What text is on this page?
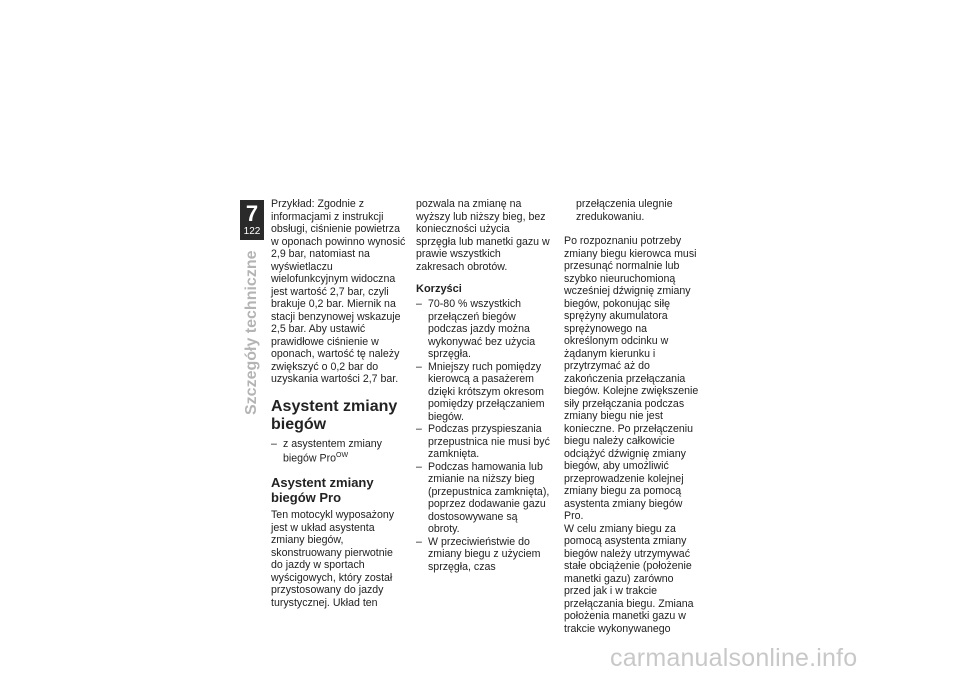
7
122
Szczegóły techniczne

Przykład: Zgodnie z informacjami z instrukcji obsługi, ciśnienie powietrza w oponach powinno wynosić 2,9 bar, natomiast na wyświetlaczu wielofunkcyjnym widoczna jest wartość 2,7 bar, czyli brakuje 0,2 bar. Miernik na stacji benzynowej wskazuje 2,5 bar. Aby ustawić prawidłowe ciśnienie w oponach, wartość tę należy zwiększyć o 0,2 bar do uzyskania wartości 2,7 bar.

Asystent zmiany biegów

– z asystentem zmiany biegów Pro$^{OW}$

Asystent zmiany biegów Pro

Ten motocykl wyposażony jest w układ asystenta zmiany biegów, skonstruowany pierwotnie do jazdy w sportach wyścigowych, który został przystosowany do jazdy turystycznej. Układ ten

pozwala na zmianę na wyższy lub niższy bieg, bez konieczności użycia sprzęgła lub manetki gazu w prawie wszystkich zakresach obrotów.

Korzyści

– 70-80 % wszystkich przełączeń biegów podczas jazdy można wykonywać bez użycia sprzęgła.

– Mniejszy ruch pomiędzy kierowcą a pasażerem dzięki krótszym okresom pomiędzy przełączaniem biegów.

– Podczas przyspieszania przepustnica nie musi być zamknięta.

– Podczas hamowania lub zmianie na niższy bieg (przepustnica zamknięta), poprzez dodawanie gazu dostosowywane są obroty.

– W przeciwieństwie do zmiany biegu z użyciem sprzęgła, czas

przełączenia ulegnie zredukowaniu.

Po rozpoznaniu potrzeby zmiany biegu kierowca musi przesunąć normalnie lub szybko nieuruchomioną wcześniej dźwignię zmiany biegów, pokonując siłę sprężyny akumulatora sprężynowego na określonym odcinku w żądanym kierunku i przytrzymać aż do zakończenia przełączania biegów. Kolejne zwiększenie siły przełączania podczas zmiany biegu nie jest konieczne. Po przełączeniu biegu należy całkowicie odciążyć dźwignię zmiany biegów, aby umożliwić przeprowadzenie kolejnej zmiany biegu za pomocą asystenta zmiany biegów Pro.

W celu zmiany biegu za pomocą asystenta zmiany biegów należy utrzymywać stałe obciążenie (położenie manetki gazu) zarówno przed jak i w trakcie przełączania biegu. Zmiana położenia manetki gazu w trakcie wykonywanego

carmanualsonline.info
